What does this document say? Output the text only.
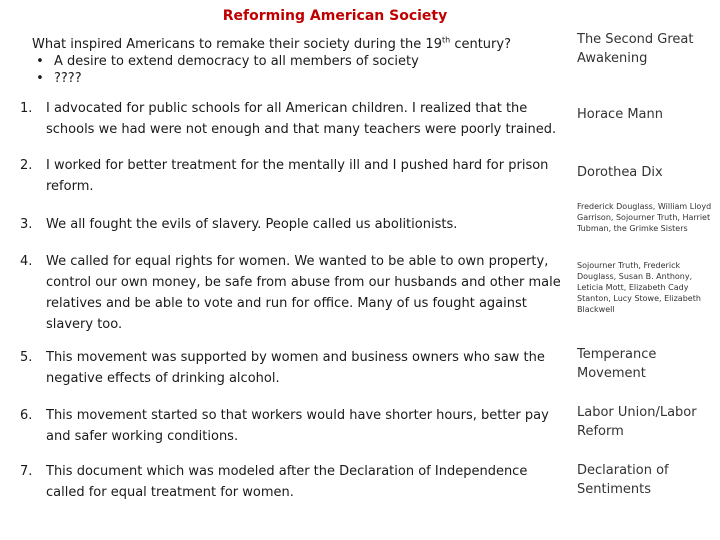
Reforming American Society
What inspired Americans to remake their society during the 19th century?
• A desire to extend democracy to all members of society
• ????
The Second Great Awakening
1.	I advocated for public schools for all American children. I realized that the schools we had were not enough and that many teachers were poorly trained.
Horace Mann
2.	I worked for better treatment for the mentally ill and I pushed hard for prison reform.
Dorothea Dix
3.	We all fought the evils of slavery. People called us abolitionists.
Frederick Douglass, William Lloyd Garrison, Sojourner Truth, Harriet Tubman, the Grimke Sisters
4.	We called for equal rights for women. We wanted to be able to own property, control our own money, be safe from abuse from our husbands and other male relatives and be able to vote and run for office. Many of us fought against slavery too.
Sojourner Truth, Frederick Douglass, Susan B. Anthony, Leticia Mott, Elizabeth Cady Stanton, Lucy Stowe, Elizabeth Blackwell
5.	This movement was supported by women and business owners who saw the negative effects of drinking alcohol.
Temperance Movement
6.	This movement started so that workers would have shorter hours, better pay and safer working conditions.
Labor Union/Labor Reform
7.	This document which was modeled after the Declaration of Independence called for equal treatment for women.
Declaration of Sentiments
